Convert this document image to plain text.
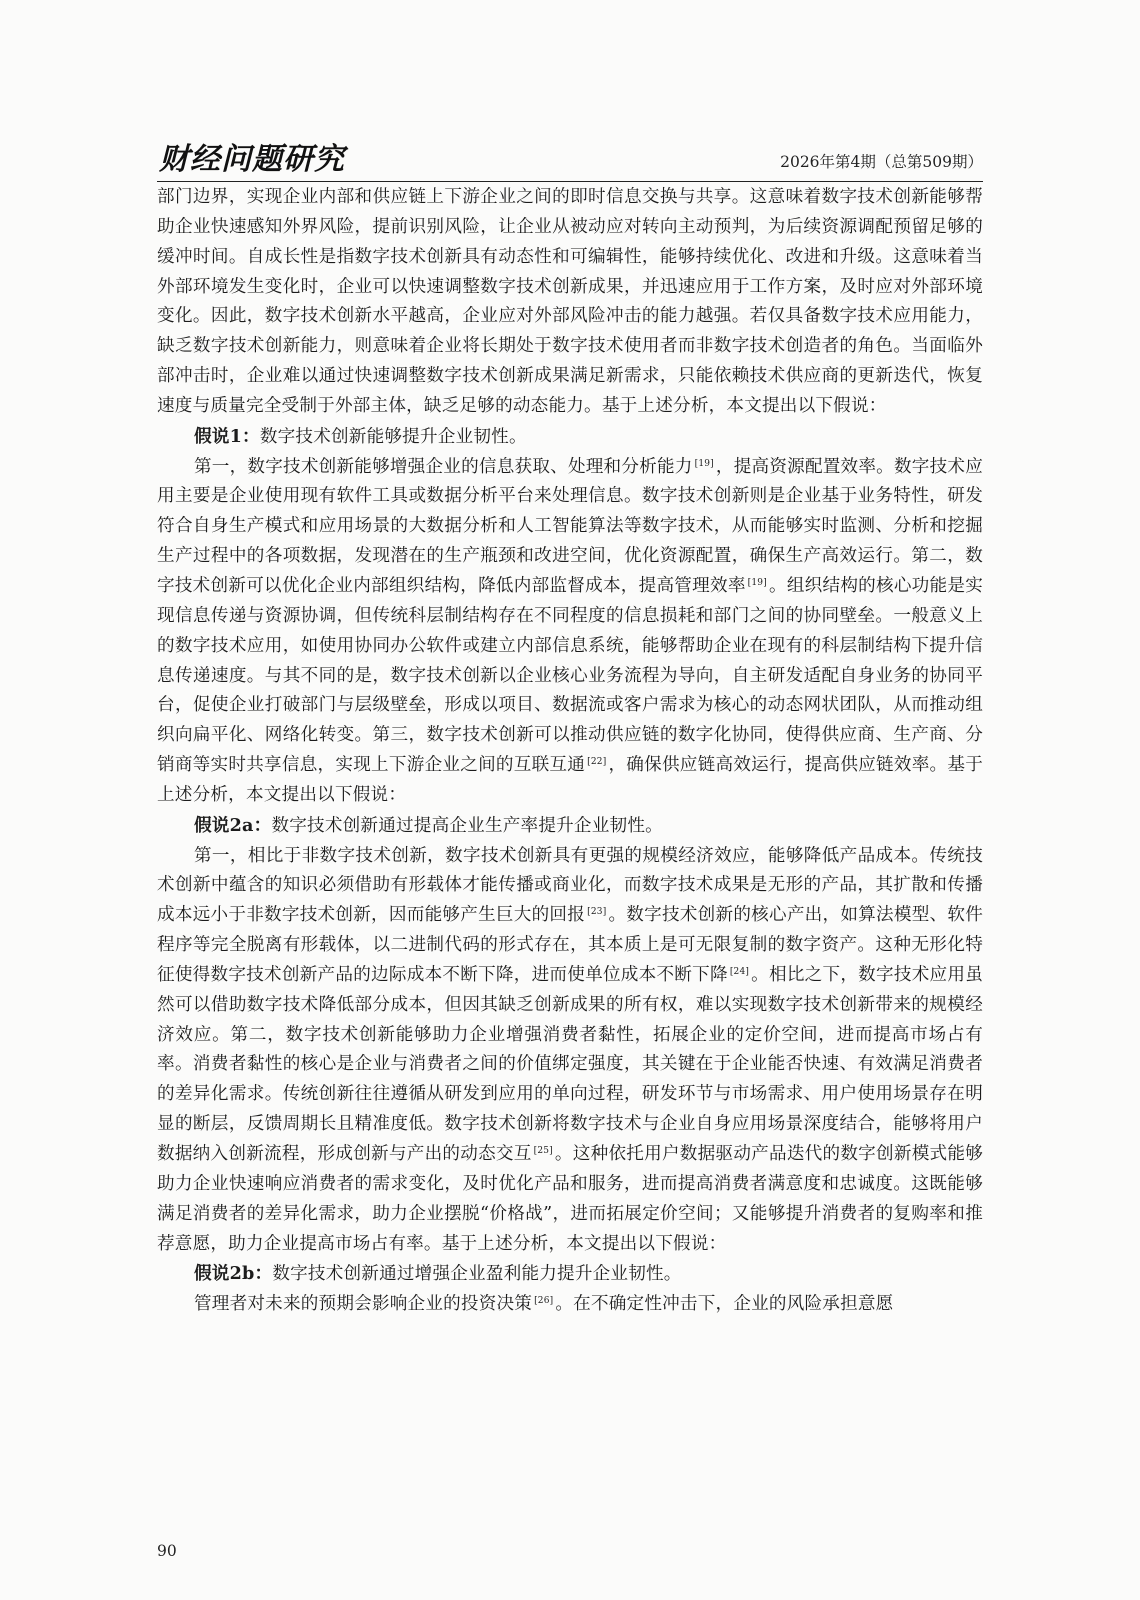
财经问题研究	2026年第4期（总第509期）

部门边界，实现企业内部和供应链上下游企业之间的即时信息交换与共享。这意味着数字技术创新能够帮助企业快速感知外界风险，提前识别风险，让企业从被动应对转向主动预判，为后续资源调配预留足够的缓冲时间。自成长性是指数字技术创新具有动态性和可编辑性，能够持续优化、改进和升级。这意味着当外部环境发生变化时，企业可以快速调整数字技术创新成果，并迅速应用于工作方案，及时应对外部环境变化。因此，数字技术创新水平越高，企业应对外部风险冲击的能力越强。若仅具备数字技术应用能力，缺乏数字技术创新能力，则意味着企业将长期处于数字技术使用者而非数字技术创造者的角色。当面临外部冲击时，企业难以通过快速调整数字技术创新成果满足新需求，只能依赖技术供应商的更新迭代，恢复速度与质量完全受制于外部主体，缺乏足够的动态能力。基于上述分析，本文提出以下假说：

假说1：数字技术创新能够提升企业韧性。

第一，数字技术创新能够增强企业的信息获取、处理和分析能力 [19] ，提高资源配置效率。数字技术应用主要是企业使用现有软件工具或数据分析平台来处理信息。数字技术创新则是企业基于业务特性，研发符合自身生产模式和应用场景的大数据分析和人工智能算法等数字技术，从而能够实时监测、分析和挖掘生产过程中的各项数据，发现潜在的生产瓶颈和改进空间，优化资源配置，确保生产高效运行。第二，数字技术创新可以优化企业内部组织结构，降低内部监督成本，提高管理效率 [19] 。组织结构的核心功能是实现信息传递与资源协调，但传统科层制结构存在不同程度的信息损耗和部门之间的协同壁垒。一般意义上的数字技术应用，如使用协同办公软件或建立内部信息系统，能够帮助企业在现有的科层制结构下提升信息传递速度。与其不同的是，数字技术创新以企业核心业务流程为导向，自主研发适配自身业务的协同平台，促使企业打破部门与层级壁垒，形成以项目、数据流或客户需求为核心的动态网状团队，从而推动组织向扁平化、网络化转变。第三，数字技术创新可以推动供应链的数字化协同，使得供应商、生产商、分销商等实时共享信息，实现上下游企业之间的互联互通 [22] ，确保供应链高效运行，提高供应链效率。基于上述分析，本文提出以下假说：

假说2a：数字技术创新通过提高企业生产率提升企业韧性。

第一，相比于非数字技术创新，数字技术创新具有更强的规模经济效应，能够降低产品成本。传统技术创新中蕴含的知识必须借助有形载体才能传播或商业化，而数字技术成果是无形的产品，其扩散和传播成本远小于非数字技术创新，因而能够产生巨大的回报 [23] 。数字技术创新的核心产出，如算法模型、软件程序等完全脱离有形载体，以二进制代码的形式存在，其本质上是可无限复制的数字资产。这种无形化特征使得数字技术创新产品的边际成本不断下降，进而使单位成本不断下降 [24] 。相比之下，数字技术应用虽然可以借助数字技术降低部分成本，但因其缺乏创新成果的所有权，难以实现数字技术创新带来的规模经济效应。第二，数字技术创新能够助力企业增强消费者黏性，拓展企业的定价空间，进而提高市场占有率。消费者黏性的核心是企业与消费者之间的价值绑定强度，其关键在于企业能否快速、有效满足消费者的差异化需求。传统创新往往遵循从研发到应用的单向过程，研发环节与市场需求、用户使用场景存在明显的断层，反馈周期长且精准度低。数字技术创新将数字技术与企业自身应用场景深度结合，能够将用户数据纳入创新流程，形成创新与产出的动态交互 [25] 。这种依托用户数据驱动产品迭代的数字创新模式能够助力企业快速响应消费者的需求变化，及时优化产品和服务，进而提高消费者满意度和忠诚度。这既能够满足消费者的差异化需求，助力企业摆脱“价格战”，进而拓展定价空间；又能够提升消费者的复购率和推荐意愿，助力企业提高市场占有率。基于上述分析，本文提出以下假说：

假说2b：数字技术创新通过增强企业盈利能力提升企业韧性。

管理者对未来的预期会影响企业的投资决策 [26] 。在不确定性冲击下，企业的风险承担意愿

90
